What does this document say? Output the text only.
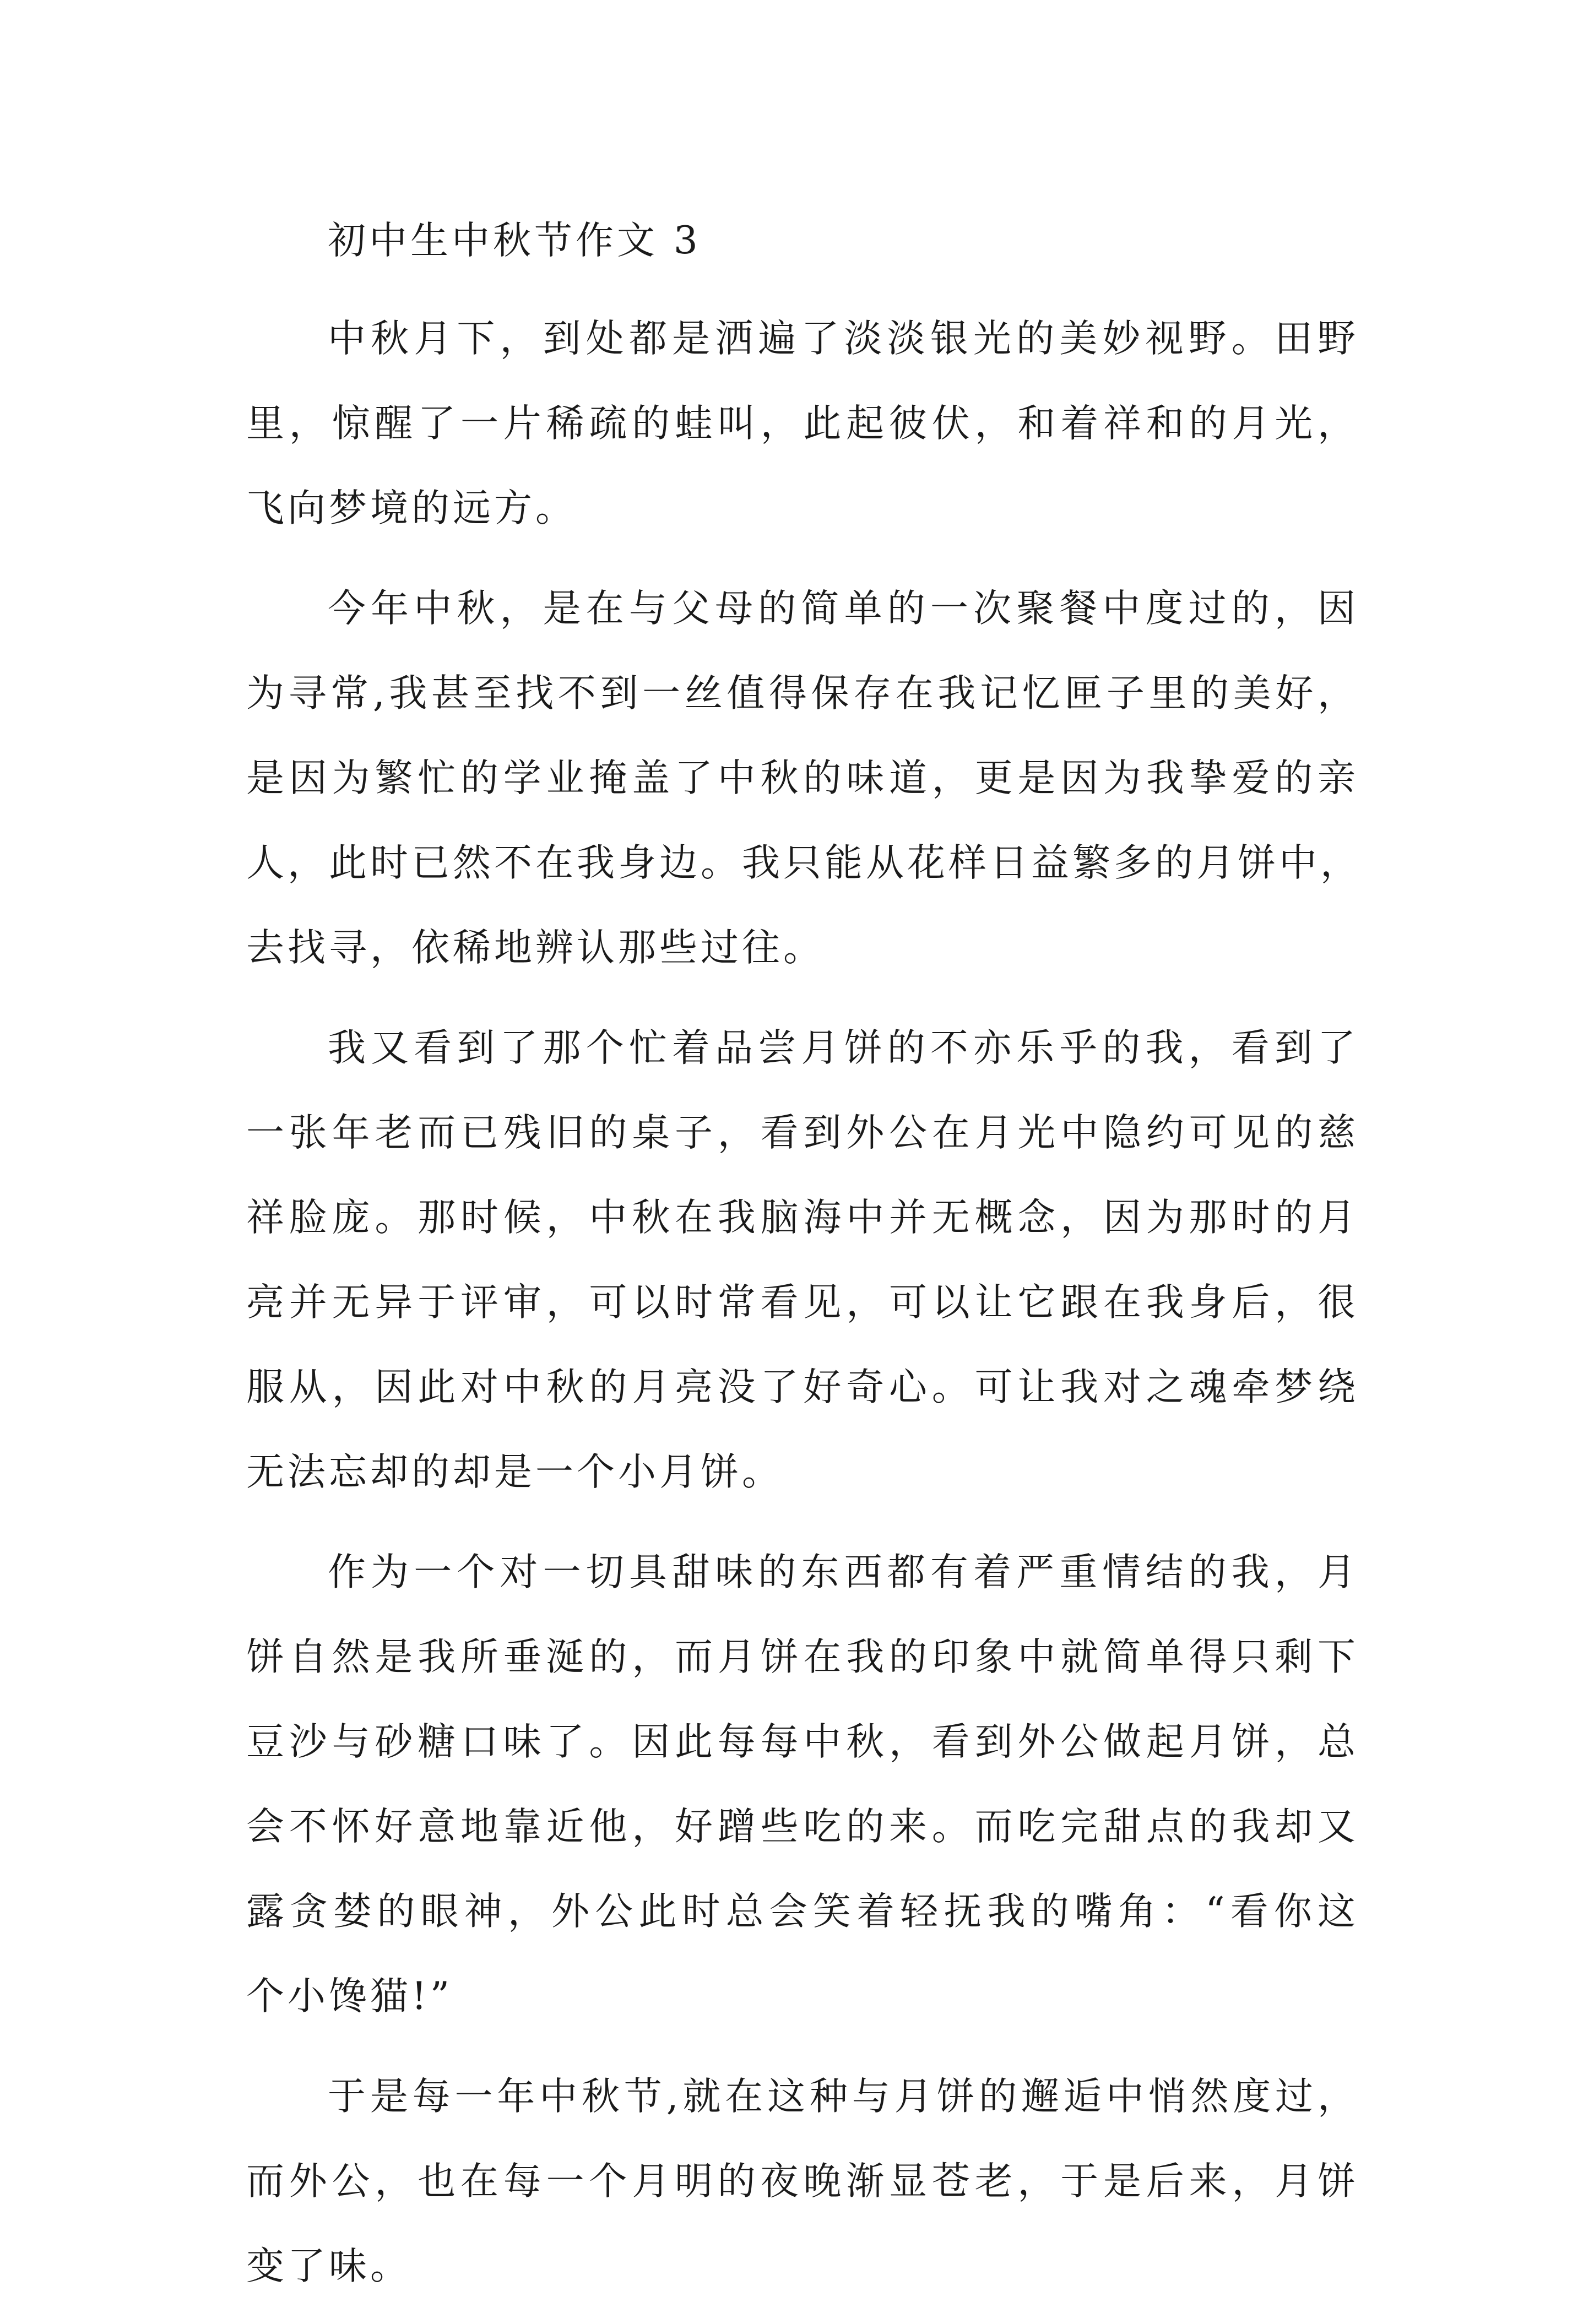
初中生中秋节作文 3

中秋月下，到处都是洒遍了淡淡银光的美妙视野。田野
里，惊醒了一片稀疏的蛙叫，此起彼伏，和着祥和的月光，
飞向梦境的远方。
今年中秋，是在与父母的简单的一次聚餐中度过的，因
为寻常,我甚至找不到一丝值得保存在我记忆匣子里的美好，
是因为繁忙的学业掩盖了中秋的味道，更是因为我挚爱的亲
人，此时已然不在我身边。我只能从花样日益繁多的月饼中，
去找寻，依稀地辨认那些过往。
我又看到了那个忙着品尝月饼的不亦乐乎的我，看到了
一张年老而已残旧的桌子，看到外公在月光中隐约可见的慈
祥脸庞。那时候，中秋在我脑海中并无概念，因为那时的月
亮并无异于评审，可以时常看见，可以让它跟在我身后，很
服从，因此对中秋的月亮没了好奇心。可让我对之魂牵梦绕
无法忘却的却是一个小月饼。
作为一个对一切具甜味的东西都有着严重情结的我，月
饼自然是我所垂涎的，而月饼在我的印象中就简单得只剩下
豆沙与砂糖口味了。因此每每中秋，看到外公做起月饼，总
会不怀好意地靠近他，好蹭些吃的来。而吃完甜点的我却又
露贪婪的眼神，外公此时总会笑着轻抚我的嘴角：“看你这
个小馋猫!”
于是每一年中秋节,就在这种与月饼的邂逅中悄然度过，
而外公，也在每一个月明的夜晚渐显苍老，于是后来，月饼
变了味。
